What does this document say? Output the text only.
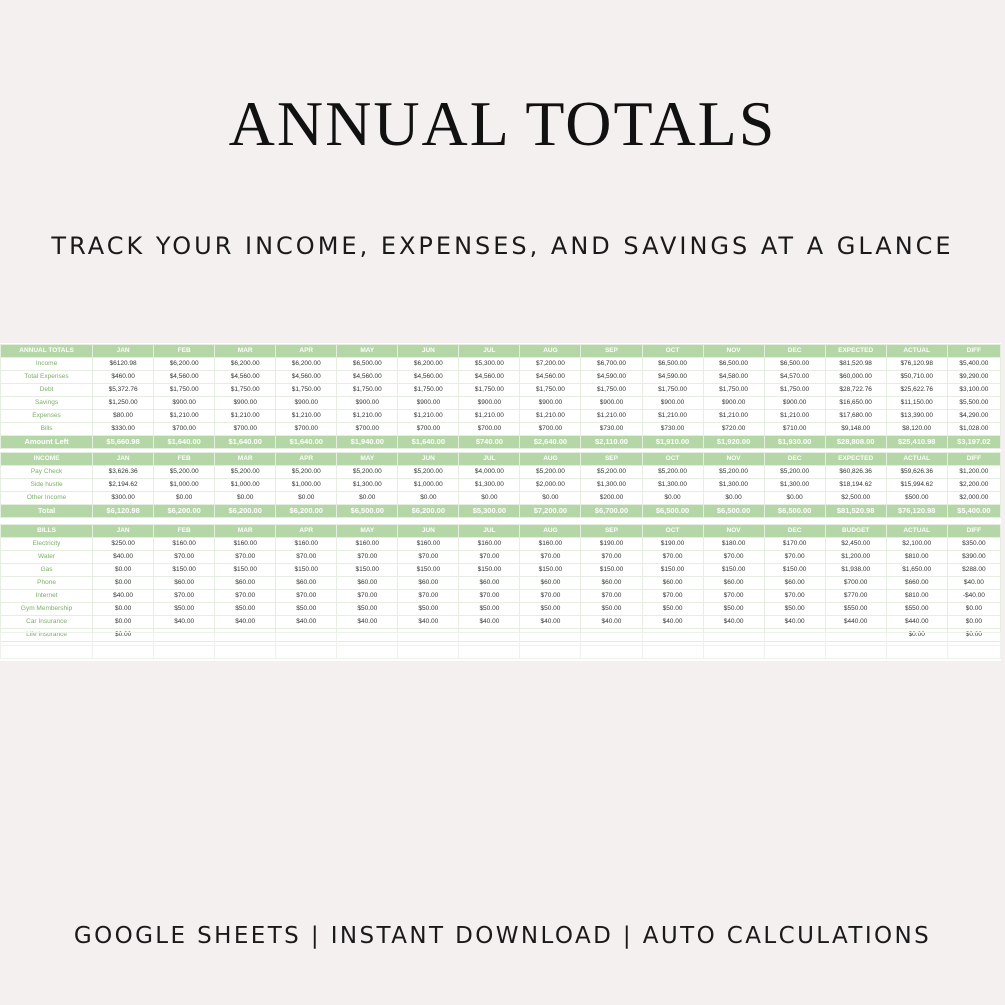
ANNUAL TOTALS
TRACK YOUR INCOME, EXPENSES, AND SAVINGS AT A GLANCE
ANNUAL TOTALS	JAN	FEB	MAR	APR	MAY	JUN	JUL	AUG	SEP	OCT	NOV	DEC	EXPECTED	ACTUAL	DIFF
Income	$6120.98	$6,200.00	$6,200.00	$6,200.00	$6,500.00	$6,200.00	$5,300.00	$7,200.00	$6,700.00	$6,500.00	$6,500.00	$6,500.00	$81,520.98	$76,120.98	$5,400.00
Total Expenses	$460.00	$4,560.00	$4,560.00	$4,560.00	$4,560.00	$4,560.00	$4,560.00	$4,560.00	$4,590.00	$4,590.00	$4,580.00	$4,570.00	$60,000.00	$50,710.00	$9,290.00
Debt	$5,372.76	$1,750.00	$1,750.00	$1,750.00	$1,750.00	$1,750.00	$1,750.00	$1,750.00	$1,750.00	$1,750.00	$1,750.00	$1,750.00	$28,722.76	$25,622.76	$3,100.00
Savings	$1,250.00	$900.00	$900.00	$900.00	$900.00	$900.00	$900.00	$900.00	$900.00	$900.00	$900.00	$900.00	$16,650.00	$11,150.00	$5,500.00
Expenses	$80.00	$1,210.00	$1,210.00	$1,210.00	$1,210.00	$1,210.00	$1,210.00	$1,210.00	$1,210.00	$1,210.00	$1,210.00	$1,210.00	$17,680.00	$13,390.00	$4,290.00
Bills	$330.00	$700.00	$700.00	$700.00	$700.00	$700.00	$700.00	$700.00	$730.00	$730.00	$720.00	$710.00	$9,148.00	$8,120.00	$1,028.00
Amount Left	$5,660.98	$1,640.00	$1,640.00	$1,640.00	$1,940.00	$1,640.00	$740.00	$2,640.00	$2,110.00	$1,910.00	$1,920.00	$1,930.00	$28,808.00	$25,410.98	$3,197.02
INCOME	JAN	FEB	MAR	APR	MAY	JUN	JUL	AUG	SEP	OCT	NOV	DEC	EXPECTED	ACTUAL	DIFF
Pay Check	$3,626.36	$5,200.00	$5,200.00	$5,200.00	$5,200.00	$5,200.00	$4,000.00	$5,200.00	$5,200.00	$5,200.00	$5,200.00	$5,200.00	$60,826.36	$59,626.36	$1,200.00
Side hustle	$2,194.62	$1,000.00	$1,000.00	$1,000.00	$1,300.00	$1,000.00	$1,300.00	$2,000.00	$1,300.00	$1,300.00	$1,300.00	$1,300.00	$18,194.62	$15,994.62	$2,200.00
Other Income	$300.00	$0.00	$0.00	$0.00	$0.00	$0.00	$0.00	$0.00	$200.00	$0.00	$0.00	$0.00	$2,500.00	$500.00	$2,000.00
Total	$6,120.98	$6,200.00	$6,200.00	$6,200.00	$6,500.00	$6,200.00	$5,300.00	$7,200.00	$6,700.00	$6,500.00	$6,500.00	$6,500.00	$81,520.98	$76,120.98	$5,400.00
BILLS	JAN	FEB	MAR	APR	MAY	JUN	JUL	AUG	SEP	OCT	NOV	DEC	BUDGET	ACTUAL	DIFF
Electricity	$250.00	$160.00	$160.00	$160.00	$160.00	$160.00	$160.00	$160.00	$190.00	$190.00	$180.00	$170.00	$2,450.00	$2,100.00	$350.00
Water	$40.00	$70.00	$70.00	$70.00	$70.00	$70.00	$70.00	$70.00	$70.00	$70.00	$70.00	$70.00	$1,200.00	$810.00	$390.00
Gas	$0.00	$150.00	$150.00	$150.00	$150.00	$150.00	$150.00	$150.00	$150.00	$150.00	$150.00	$150.00	$1,938.00	$1,650.00	$288.00
Phone	$0.00	$60.00	$60.00	$60.00	$60.00	$60.00	$60.00	$60.00	$60.00	$60.00	$60.00	$60.00	$700.00	$660.00	$40.00
Internet	$40.00	$70.00	$70.00	$70.00	$70.00	$70.00	$70.00	$70.00	$70.00	$70.00	$70.00	$70.00	$770.00	$810.00	-$40.00
Gym Membership	$0.00	$50.00	$50.00	$50.00	$50.00	$50.00	$50.00	$50.00	$50.00	$50.00	$50.00	$50.00	$550.00	$550.00	$0.00
Car Insurance	$0.00	$40.00	$40.00	$40.00	$40.00	$40.00	$40.00	$40.00	$40.00	$40.00	$40.00	$40.00	$440.00	$440.00	$0.00
Life Insurance	$0.00													$0.00	$0.00

GOOGLE SHEETS | INSTANT DOWNLOAD | AUTO CALCULATIONS
